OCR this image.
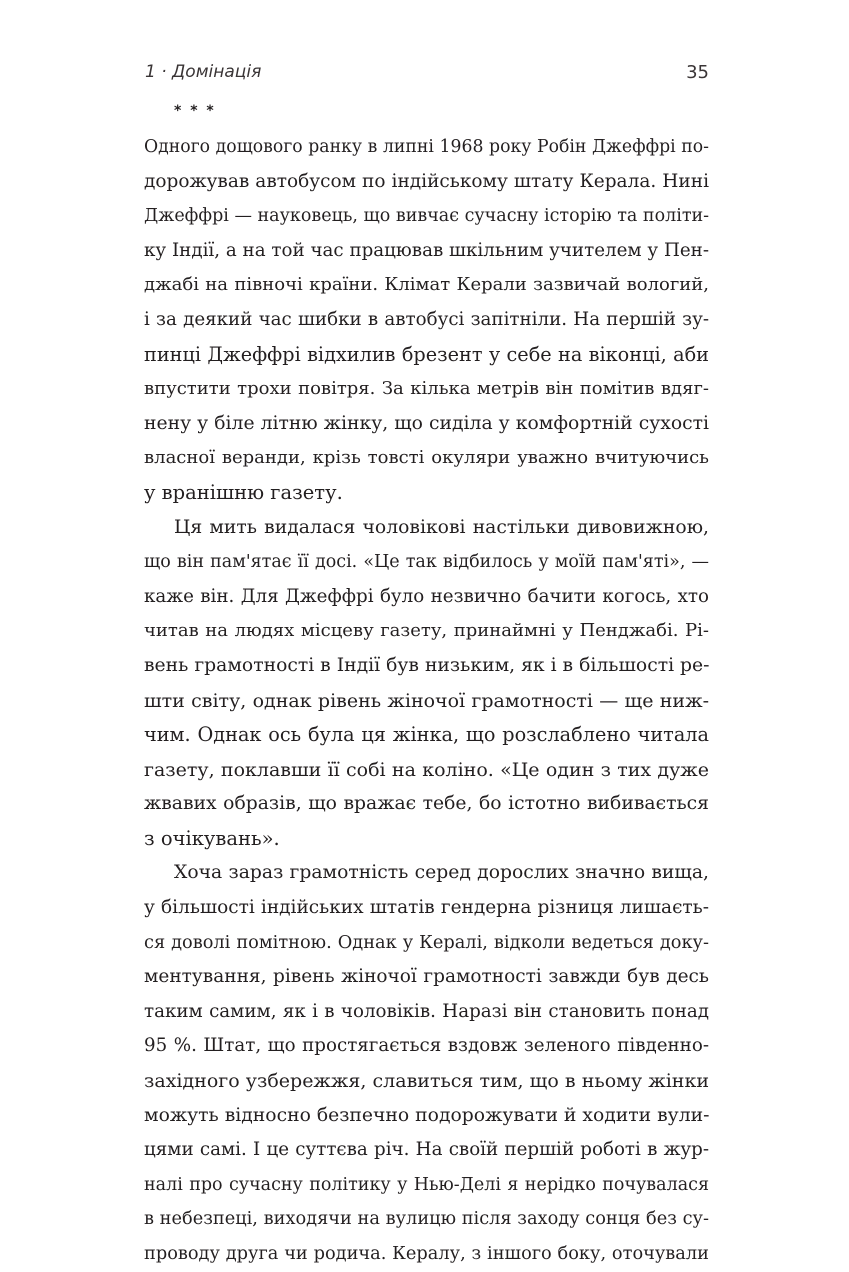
1 · Домінація	35
* * *
Одного дощового ранку в липні 1968 року Робін Джеффрі по-
дорожував автобусом по індійському штату Керала. Нині
Джеффрі — науковець, що вивчає сучасну історію та політи-
ку Індії, а на той час працював шкільним учителем у Пен-
джабі на півночі країни. Клімат Керали зазвичай вологий,
і за деякий час шибки в автобусі запітніли. На першій зу-
пинці Джеффрі відхилив брезент у себе на віконці, аби
впустити трохи повітря. За кілька метрів він помітив вдяг-
нену у біле літню жінку, що сиділа у комфортній сухості
власної веранди, крізь товсті окуляри уважно вчитуючись
у вранішню газету.
Ця мить видалася чоловікові настільки дивовижною,
що він пам'ятає її досі. «Це так відбилось у моїй пам'яті», —
каже він. Для Джеффрі було незвично бачити когось, хто
читав на людях місцеву газету, принаймні у Пенджабі. Рі-
вень грамотності в Індії був низьким, як і в більшості ре-
шти світу, однак рівень жіночої грамотності — ще ниж-
чим. Однак ось була ця жінка, що розслаблено читала
газету, поклавши її собі на коліно. «Це один з тих дуже
жвавих образів, що вражає тебе, бо істотно вибивається
з очікувань».
Хоча зараз грамотність серед дорослих значно вища,
у більшості індійських штатів гендерна різниця лишаєть-
ся доволі помітною. Однак у Кералі, відколи ведеться доку-
ментування, рівень жіночої грамотності завжди був десь
таким самим, як і в чоловіків. Наразі він становить понад
95 %. Штат, що простягається вздовж зеленого південно-
західного узбережжя, славиться тим, що в ньому жінки
можуть відносно безпечно подорожувати й ходити вули-
цями самі. І це суттєва річ. На своїй першій роботі в жур-
налі про сучасну політику у Нью-Делі я нерідко почувалася
в небезпеці, виходячи на вулицю після заходу сонця без су-
проводу друга чи родича. Кералу, з іншого боку, оточували
